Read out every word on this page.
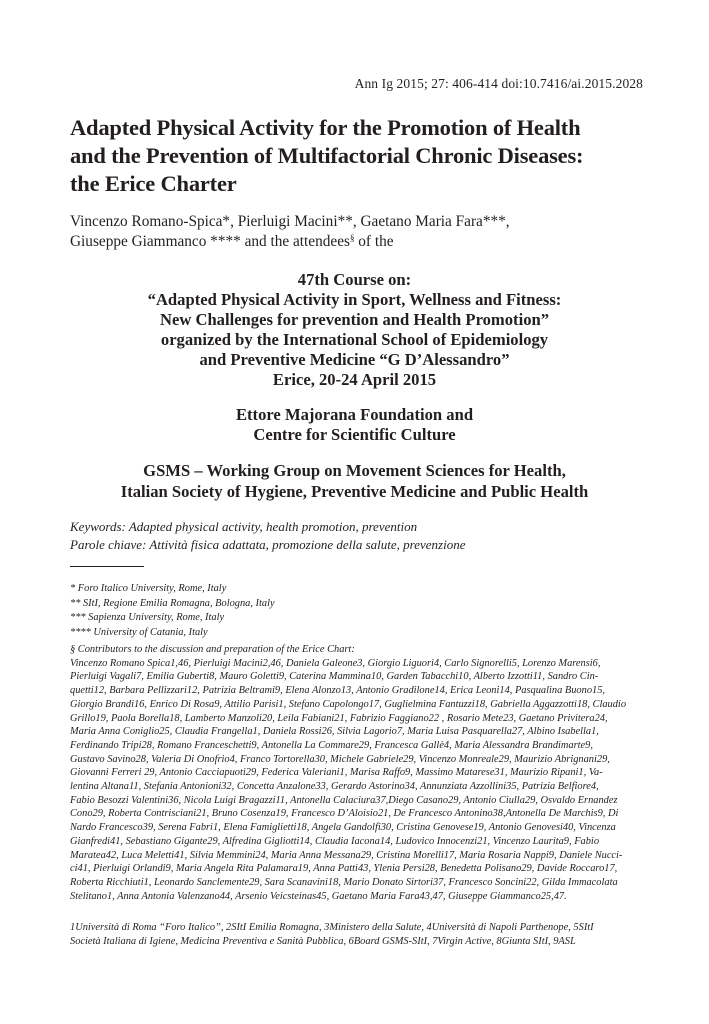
Ann Ig 2015; 27: 406-414 doi:10.7416/ai.2015.2028
Adapted Physical Activity for the Promotion of Health
and the Prevention of Multifactorial Chronic Diseases:
the Erice Charter

Vincenzo Romano-Spica*, Pierluigi Macini**, Gaetano Maria Fara***,
Giuseppe Giammanco **** and the attendees§ of the

47th Course on:
“Adapted Physical Activity in Sport, Wellness and Fitness:
New Challenges for prevention and Health Promotion”
organized by the International School of Epidemiology
and Preventive Medicine “G D’Alessandro”
Erice, 20-24 April 2015
Ettore Majorana Foundation and
Centre for Scientific Culture
GSMS – Working Group on Movement Sciences for Health,
Italian Society of Hygiene, Preventive Medicine and Public Health
Keywords: Adapted physical activity, health promotion, prevention
Parole chiave: Attività fisica adattata, promozione della salute, prevenzione
* Foro Italico University, Rome, Italy
** SItI, Regione Emilia Romagna, Bologna, Italy
*** Sapienza University, Rome, Italy
**** University of Catania, Italy
§ Contributors to the discussion and preparation of the Erice Chart:
Vincenzo Romano Spica1,46, Pierluigi Macini2,46, Daniela Galeone3, Giorgio Liguori4, Carlo Signorelli5, Lorenzo Marensi6,
Pierluigi Vagali7, Emilia Guberti8, Mauro Goletti9, Caterina Mammina10, Garden Tabacchi10, Alberto Izzotti11, Sandro Cin-
quetti12, Barbara Pellizzari12, Patrizia Beltrami9, Elena Alonzo13, Antonio Gradilone14, Erica Leoni14, Pasqualina Buono15,
Giorgio Brandi16, Enrico Di Rosa9, Attilio Parisi1, Stefano Capolongo17, Guglielmina Fantuzzi18, Gabriella Aggazzotti18, Claudio
Grillo19, Paola Borella18, Lamberto Manzoli20, Leila Fabiani21, Fabrizio Faggiano22 , Rosario Mete23, Gaetano Privitera24,
Maria Anna Coniglio25, Claudia Frangella1, Daniela Rossi26, Silvia Lagorio7, Maria Luisa Pasquarella27, Albino Isabella1,
Ferdinando Tripi28, Romano Franceschetti9, Antonella La Commare29, Francesca Gallè4, Maria Alessandra Brandimarte9,
Gustavo Savino28, Valeria Di Onofrio4, Franco Tortorella30, Michele Gabriele29, Vincenzo Monreale29, Maurizio Abrignani29,
Giovanni Ferreri 29, Antonio Cacciapuoti29, Federica Valeriani1, Marisa Raffo9, Massimo Matarese31, Maurizio Ripani1, Va-
lentina Altana11, Stefania Antonioni32, Concetta Anzalone33, Gerardo Astorino34, Annunziata Azzollini35, Patrizia Belfiore4,
Fabio Besozzi Valentini36, Nicola Luigi Bragazzi11, Antonella Calaciura37,Diego Casano29, Antonio Ciulla29, Osvaldo Ernandez
Cono29, Roberta Contrisciani21, Bruno Cosenza19, Francesco D’Aloisio21, De Francesco Antonino38,Antonella De Marchis9, Di
Nardo Francesco39, Serena Fabri1, Elena Famiglietti18, Angela Gandolfi30, Cristina Genovese19, Antonio Genovesi40, Vincenza
Gianfredi41, Sebastiano Gigante29, Alfredina Gigliotti14, Claudia Iacona14, Ludovico Innocenzi21, Vincenzo Laurita9, Fabio
Maratea42, Luca Meletti41, Silvia Memmini24, Maria Anna Messana29, Cristina Morelli17, Maria Rosaria Nappi9, Daniele Nucci-
ci41, Pierluigi Orlandi9, Maria Angela Rita Palamara19, Anna Patti43, Ylenia Persi28, Benedetta Polisano29, Davide Roccaro17,
Roberta Ricchiuti1, Leonardo Sanclemente29, Sara Scanavini18, Mario Donato Sirtori37, Francesco Soncini22, Gilda Immacolata
Stelitano1, Anna Antonia Valenzano44, Arsenio Veicsteinas45, Gaetano Maria Fara43,47, Giuseppe Giammanco25,47.
1Università di Roma “Foro Italico”, 2SItI Emilia Romagna, 3Ministero della Salute, 4Università di Napoli Parthenope, 5SItI
Società Italiana di Igiene, Medicina Preventiva e Sanità Pubblica, 6Board GSMS-SItI, 7Virgin Active, 8Giunta SItI, 9ASL
